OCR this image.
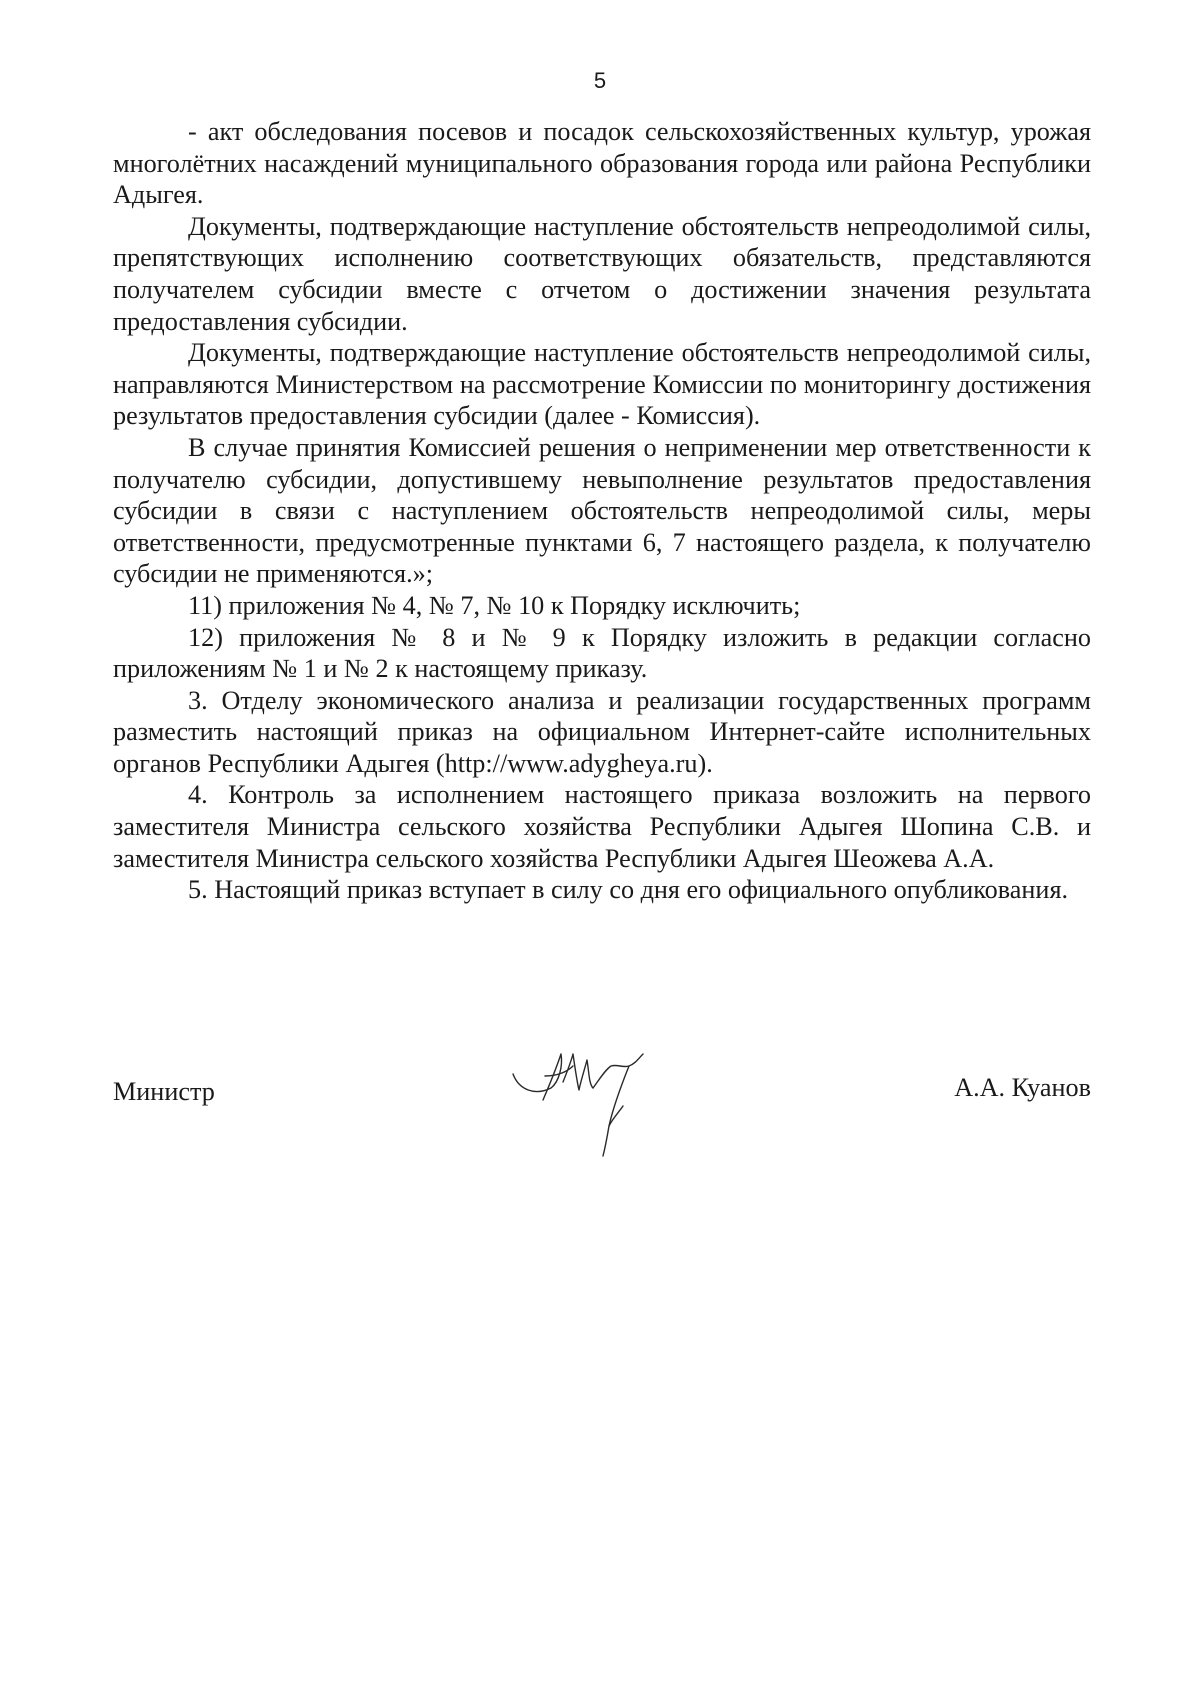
5

- акт обследования посевов и посадок сельскохозяйственных культур, урожая многолётних насаждений муниципального образования города или района Республики Адыгея.

Документы, подтверждающие наступление обстоятельств непреодолимой силы, препятствующих исполнению соответствующих обязательств, представляются получателем субсидии вместе с отчетом о достижении значения результата предоставления субсидии.

Документы, подтверждающие наступление обстоятельств непреодолимой силы, направляются Министерством на рассмотрение Комиссии по мониторингу достижения результатов предоставления субсидии (далее - Комиссия).

В случае принятия Комиссией решения о неприменении мер ответственности к получателю субсидии, допустившему невыполнение результатов предоставления субсидии в связи с наступлением обстоятельств непреодолимой силы, меры ответственности, предусмотренные пунктами 6, 7 настоящего раздела, к получателю субсидии не применяются.»;

11) приложения № 4, № 7, № 10 к Порядку исключить;

12) приложения № 8 и № 9 к Порядку изложить в редакции согласно приложениям № 1 и № 2 к настоящему приказу.

3. Отделу экономического анализа и реализации государственных программ разместить настоящий приказ на официальном Интернет-сайте исполнительных органов Республики Адыгея (http://www.adygheya.ru).

4. Контроль за исполнением настоящего приказа возложить на первого заместителя Министра сельского хозяйства Республики Адыгея Шопина С.В. и заместителя Министра сельского хозяйства Республики Адыгея Шеожева А.А.

5. Настоящий приказ вступает в силу со дня его официального опубликования.

Министр	А.А. Куанов
